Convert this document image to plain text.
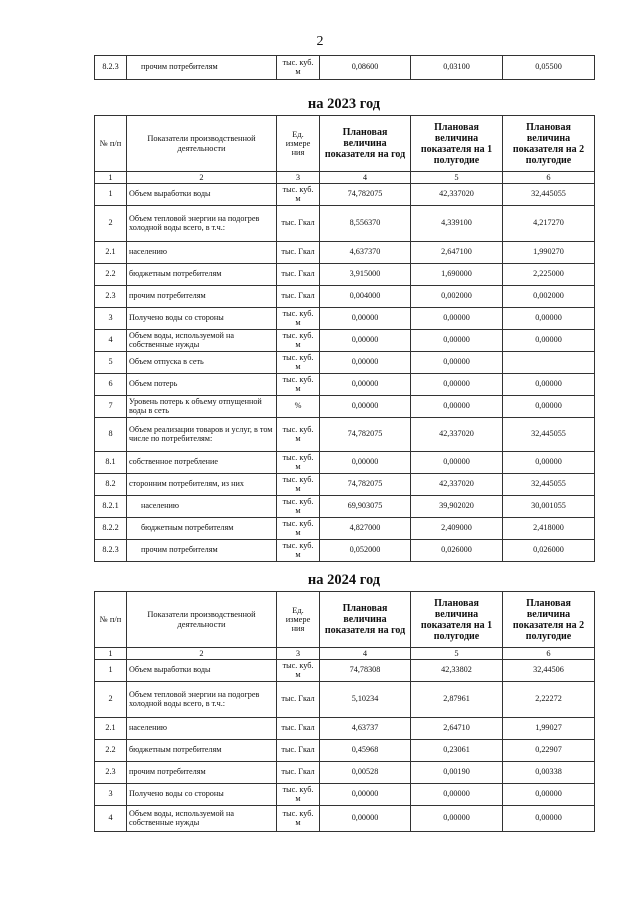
2
8.2.3	прочим потребителям	тыс. куб. м	0,08600	0,03100	0,05500
на 2023 год
№ п/п	Показатели производственной деятельности	Ед. измере ния	Плановая величина показателя на год	Плановая величина показателя на 1 полугодие	Плановая величина показателя на 2 полугодие
1	2	3	4	5	6
1	Объем выработки воды	тыс. куб. м	74,782075	42,337020	32,445055
2	Объем тепловой энергии на подогрев холодной воды всего, в т.ч.:	тыс. Гкал	8,556370	4,339100	4,217270
2.1	населению	тыс. Гкал	4,637370	2,647100	1,990270
2.2	бюджетным потребителям	тыс. Гкал	3,915000	1,690000	2,225000
2.3	прочим потребителям	тыс. Гкал	0,004000	0,002000	0,002000
3	Получено воды со стороны	тыс. куб. м	0,00000	0,00000	0,00000
4	Объем воды, используемой на собственные нужды	тыс. куб. м	0,00000	0,00000	0,00000
5	Объем отпуска в сеть	тыс. куб. м	0,00000	0,00000	
6	Объем потерь	тыс. куб. м	0,00000	0,00000	0,00000
7	Уровень потерь к объему отпущенной воды в сеть	%	0,00000	0,00000	0,00000
8	Объем реализации товаров и услуг, в том числе по потребителям:	тыс. куб. м	74,782075	42,337020	32,445055
8.1	собственное потребление	тыс. куб. м	0,00000	0,00000	0,00000
8.2	сторонним потребителям, из них	тыс. куб. м	74,782075	42,337020	32,445055
8.2.1	населению	тыс. куб. м	69,903075	39,902020	30,001055
8.2.2	бюджетным потребителям	тыс. куб. м	4,827000	2,409000	2,418000
8.2.3	прочим потребителям	тыс. куб. м	0,052000	0,026000	0,026000
на 2024 год
№ п/п	Показатели производственной деятельности	Ед. измере ния	Плановая величина показателя на год	Плановая величина показателя на 1 полугодие	Плановая величина показателя на 2 полугодие
1	2	3	4	5	6
1	Объем выработки воды	тыс. куб. м	74,78308	42,33802	32,44506
2	Объем тепловой энергии на подогрев холодной воды всего, в т.ч.:	тыс. Гкал	5,10234	2,87961	2,22272
2.1	населению	тыс. Гкал	4,63737	2,64710	1,99027
2.2	бюджетным потребителям	тыс. Гкал	0,45968	0,23061	0,22907
2.3	прочим потребителям	тыс. Гкал	0,00528	0,00190	0,00338
3	Получено воды со стороны	тыс. куб. м	0,00000	0,00000	0,00000
4	Объем воды, используемой на собственные нужды	тыс. куб. м	0,00000	0,00000	0,00000
